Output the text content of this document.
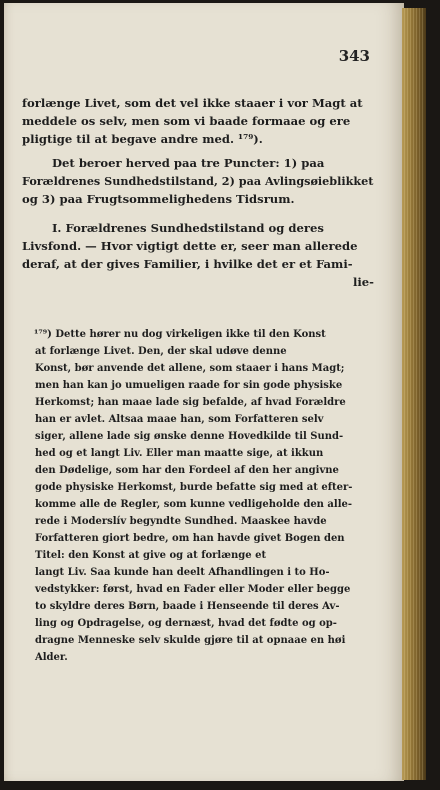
343

forlænge Livet, som det vel ikke staaer i vor Magt at

meddele os selv, men som vi baade formaae og ere

pligtige til at begave andre med. ¹⁷⁹).

Det beroer herved paa tre Puncter: 1) paa

Forældrenes Sundhedstilstand, 2) paa Avlingsøieblikket

og 3) paa Frugtsommelighedens Tidsrum.

I. Forældrenes Sundhedstilstand og deres

Livsfond. — Hvor vigtigt dette er, seer man allerede

deraf, at der gives Familier, i hvilke det er et Fami-

lie-

¹⁷⁹) Dette hører nu dog virkeligen ikke til den Konst

at forlænge Livet. Den, der skal udøve denne

Konst, bør anvende det allene, som staaer i hans Magt;

men han kan jo umueligen raade for sin gode physiske

Herkomst; han maae lade sig befalde, af hvad Forældre

han er avlet. Altsaa maae han, som Forfatteren selv

siger, allene lade sig ønske denne Hovedkilde til Sund-

hed og et langt Liv. Eller man maatte sige, at ikkun

den Dødelige, som har den Fordeel af den her angivne

gode physiske Herkomst, burde befatte sig med at efter-

komme alle de Regler, som kunne vedligeholde den alle-

rede i Moderslív begyndte Sundhed. Maaskee havde

Forfatteren giort bedre, om han havde givet Bogen den

Titel: den Konst at give og at forlænge et

langt Liv. Saa kunde han deelt Afhandlingen i to Ho-

vedstykker: først, hvad en Fader eller Moder eller begge

to skyldre deres Børn, baade i Henseende til deres Av-

ling og Opdragelse, og dernæst, hvad det fødte og op-

dragne Menneske selv skulde gjøre til at opnaae en høi

Alder.
